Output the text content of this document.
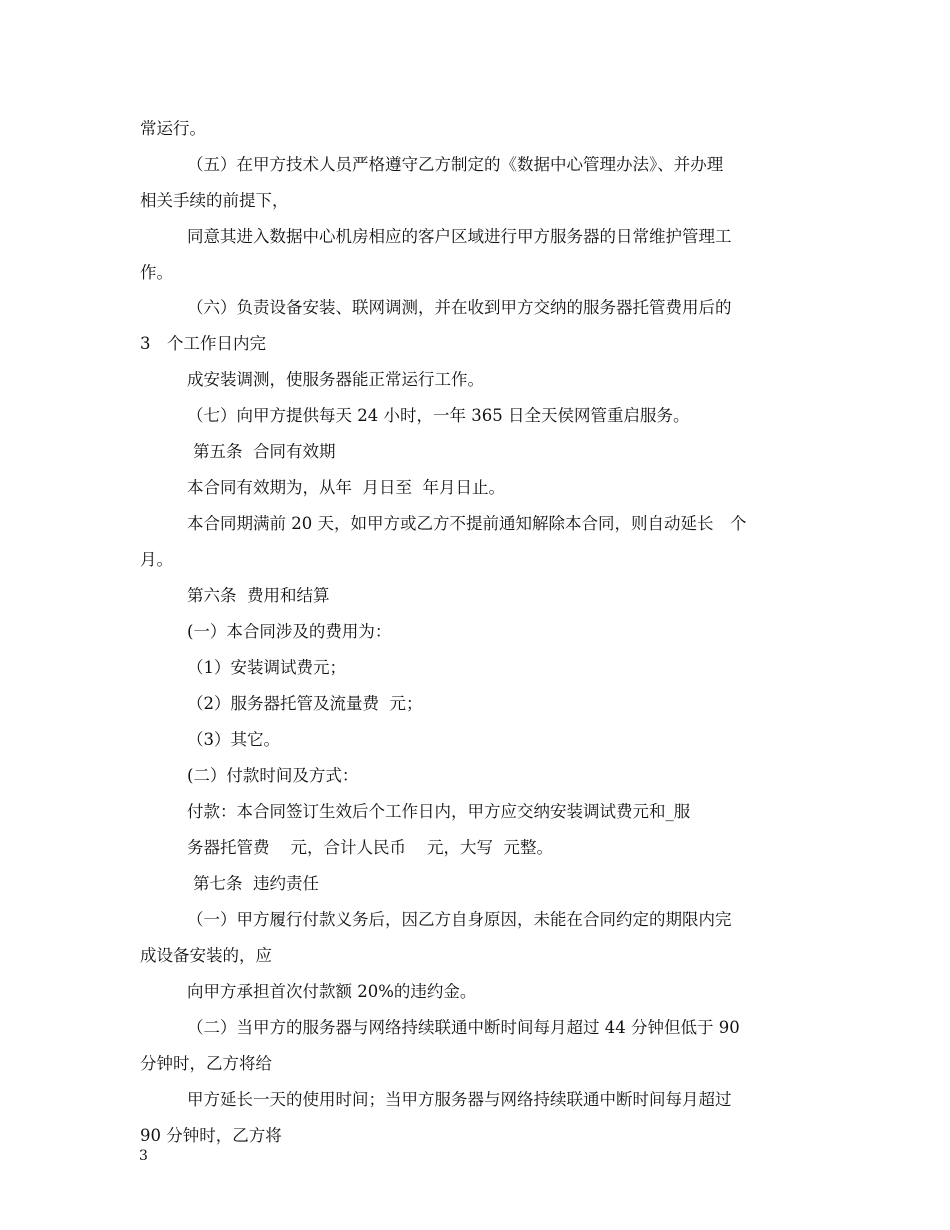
常运行。
（五）在甲方技术人员严格遵守乙方制定的《数据中心管理办法》、并办理
相关手续的前提下，
同意其进入数据中心机房相应的客户区域进行甲方服务器的日常维护管理工
作。
（六）负责设备安装、联网调测，并在收到甲方交纳的服务器托管费用后的
3　个工作日内完
成安装调测，使服务器能正常运行工作。
（七）向甲方提供每天 24 小时，一年 365 日全天侯网管重启服务。
第五条  合同有效期
本合同有效期为，从年  月日至  年月日止。
本合同期满前 20 天，如甲方或乙方不提前通知解除本合同，则自动延长　个
月。
第六条  费用和结算
(一）本合同涉及的费用为：
（1）安装调试费元；
（2）服务器托管及流量费  元；
（3）其它。
(二）付款时间及方式：
付款：本合同签订生效后个工作日内，甲方应交纳安装调试费元和_服
务器托管费    元，合计人民币    元，大写  元整。
第七条  违约责任
（一）甲方履行付款义务后，因乙方自身原因，未能在合同约定的期限内完
成设备安装的，应
向甲方承担首次付款额 20%的违约金。
（二）当甲方的服务器与网络持续联通中断时间每月超过 44 分钟但低于 90
分钟时，乙方将给
甲方延长一天的使用时间；当甲方服务器与网络持续联通中断时间每月超过
90 分钟时，乙方将
3
